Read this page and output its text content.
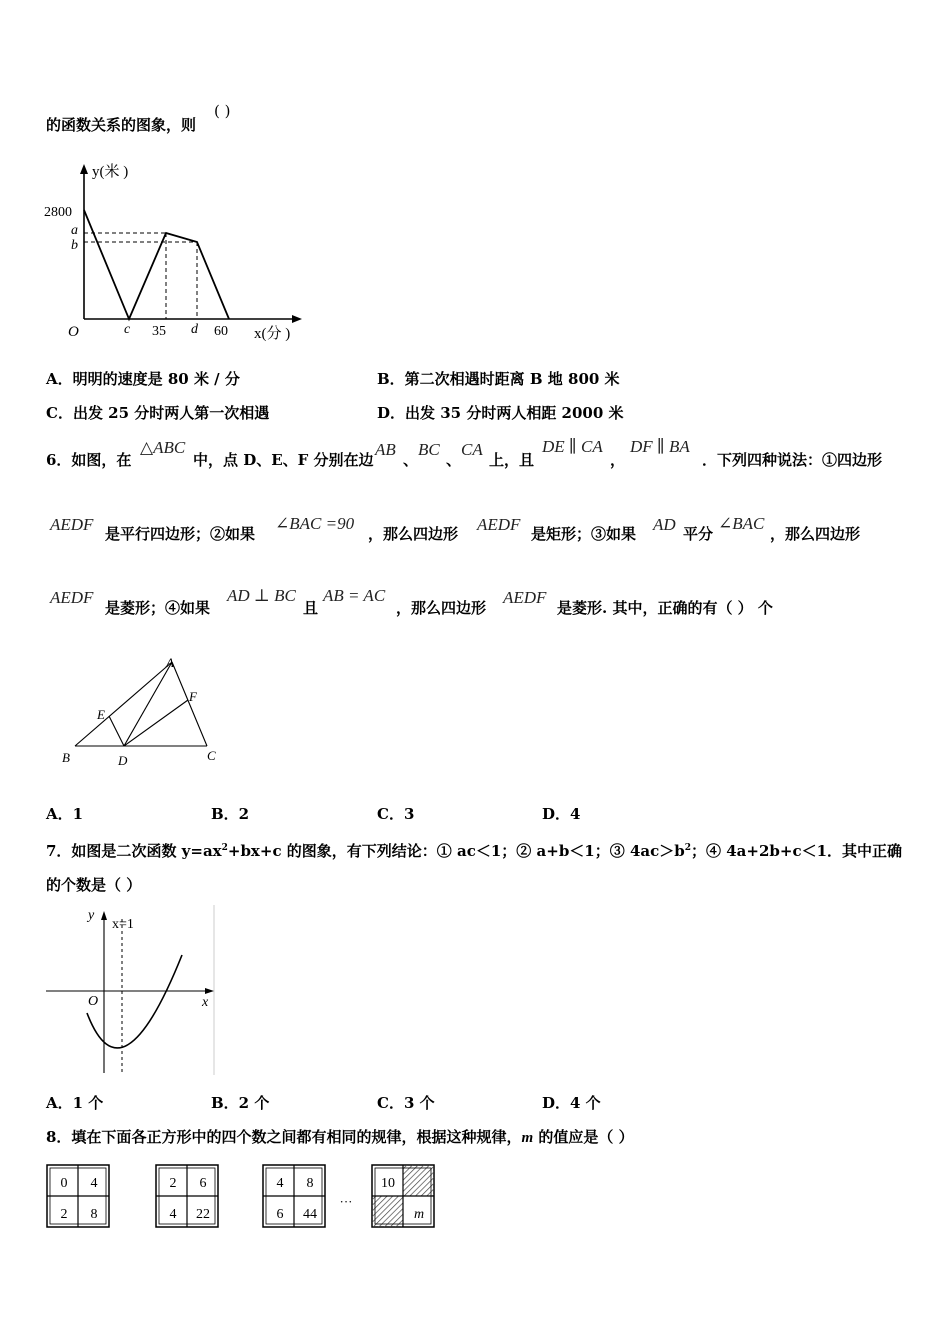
的函数关系的图象，则
( )
y(米 )
x(分 )
2800
a
b
O	c 35 d 60
A．明明的速度是 80 米 / 分	B．第二次相遇时距离 B 地 800 米
C．出发 25 分时两人第一次相遇	D．出发 35 分时两人相距 2000 米
6．如图，在
△ABC
中，点 D、E、F 分别在边
AB
、
BC
、
CA
上，且
DE ∥ CA
，
DF ∥ BA
．下列四种说法：①四边形
AEDF 是平行四边形；②如果
∠BAC =90
，那么四边形 AEDF 是矩形；③如果 AD 平分
∠BAC
，那么四边形
AEDF
是菱形；④如果
AD ⊥ BC
且
AB = AC
，那么四边形
AEDF
是菱形. 其中，正确的有（ ） 个
A
B	C
D
E
F
A．1	B．2	C．3	D．4
7．如图是二次函数 $y=ax^2+bx+c$ 的图象，有下列结论：① ac＜1；② a+b＜1；③ $4ac>b^2$；④ 4a+2b+c＜1．其中正确
的个数是（ ）
y
x
O
x=1
A．1 个	B．2 个	C．3 个	D．4 个
8．填在下面各正方形中的四个数之间都有相同的规律，根据这种规律，m 的值应是（ ）
0 4
2 8
2 6
4 22
4 8
6 44
···
10
m
